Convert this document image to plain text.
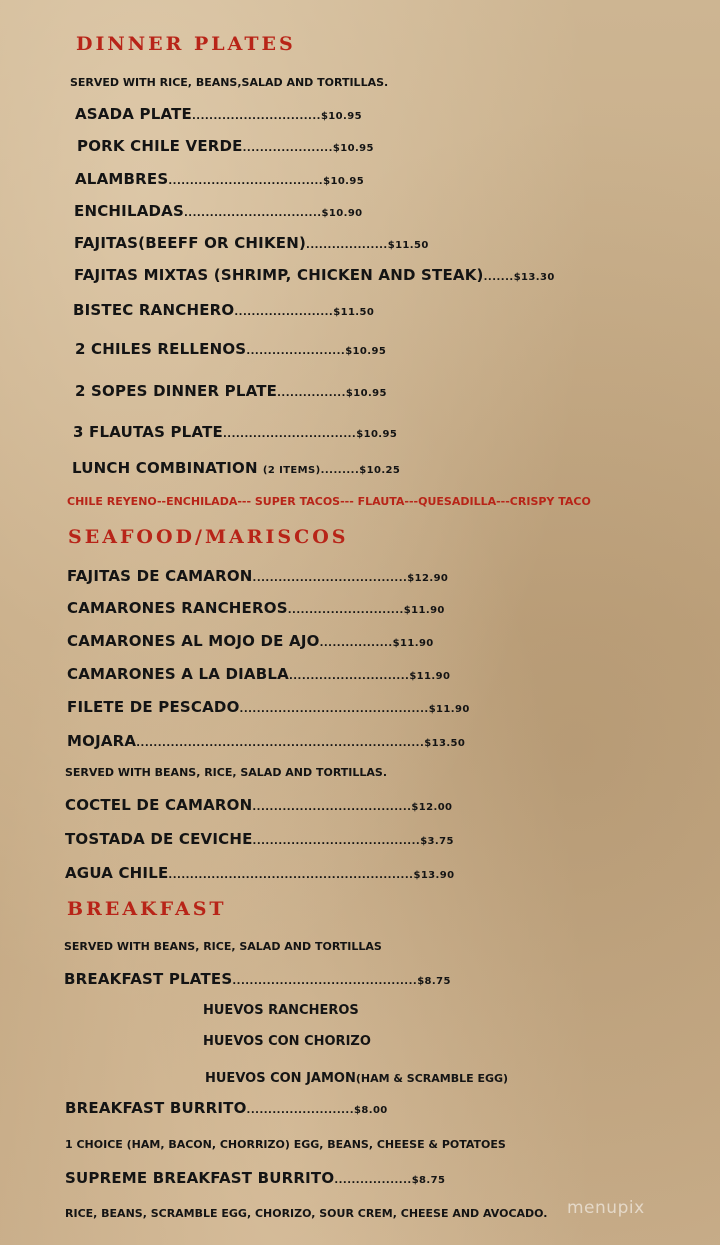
DINNER PLATES
SERVED WITH RICE, BEANS,SALAD AND TORTILLAS.
ASADA PLATE..............................$10.95
PORK CHILE VERDE.....................$10.95
ALAMBRES....................................$10.95
ENCHILADAS................................$10.90
FAJITAS(BEEFF OR CHIKEN)...................$11.50
FAJITAS MIXTAS (SHRIMP, CHICKEN AND STEAK).......$13.30
BISTEC RANCHERO.......................$11.50
2 CHILES RELLENOS.......................$10.95
2 SOPES DINNER PLATE................$10.95
3 FLAUTAS PLATE...............................$10.95
LUNCH COMBINATION (2 ITEMS).........$10.25
CHILE REYENO--ENCHILADA--- SUPER TACOS--- FLAUTA---QUESADILLA---CRISPY TACO
SEAFOOD/MARISCOS
FAJITAS DE CAMARON....................................$12.90
CAMARONES RANCHEROS...........................$11.90
CAMARONES AL MOJO DE AJO.................$11.90
CAMARONES A LA DIABLA............................$11.90
FILETE DE PESCADO............................................$11.90
MOJARA...................................................................$13.50
SERVED WITH BEANS, RICE, SALAD AND TORTILLAS.
COCTEL DE CAMARON.....................................$12.00
TOSTADA DE CEVICHE.......................................$3.75
AGUA CHILE.........................................................$13.90
BREAKFAST
SERVED WITH BEANS, RICE, SALAD AND TORTILLAS
BREAKFAST PLATES...........................................$8.75
HUEVOS RANCHEROS
HUEVOS CON CHORIZO
HUEVOS CON JAMON(HAM & SCRAMBLE EGG)
BREAKFAST BURRITO.........................$8.00
1 CHOICE (HAM, BACON, CHORRIZO) EGG, BEANS, CHEESE & POTATOES
SUPREME BREAKFAST BURRITO..................$8.75
RICE, BEANS, SCRAMBLE EGG, CHORIZO, SOUR CREM, CHEESE AND AVOCADO. menupix
